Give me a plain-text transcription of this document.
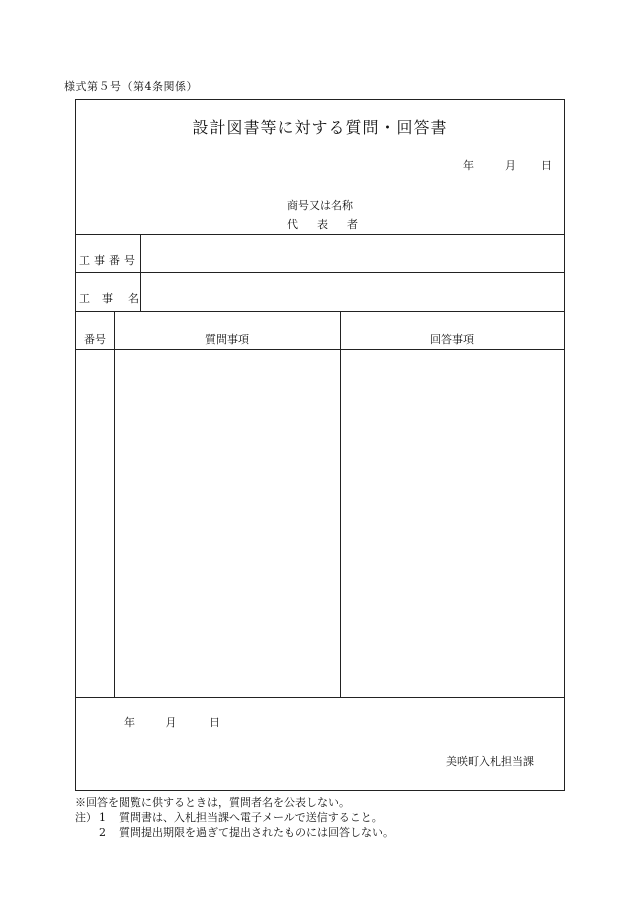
様式第５号（第4条関係）
設計図書等に対する質問・回答書
年	月	日
商号又は名称
代表者
工事番号
工 事 名
番号	質問事項	回答事項
年	月	日
美咲町入札担当課
※回答を閲覧に供するときは，質問者名を公表しない。
注） 1 質問書は、入札担当課へ電子メールで送信すること。
2 質問提出期限を過ぎて提出されたものには回答しない。
